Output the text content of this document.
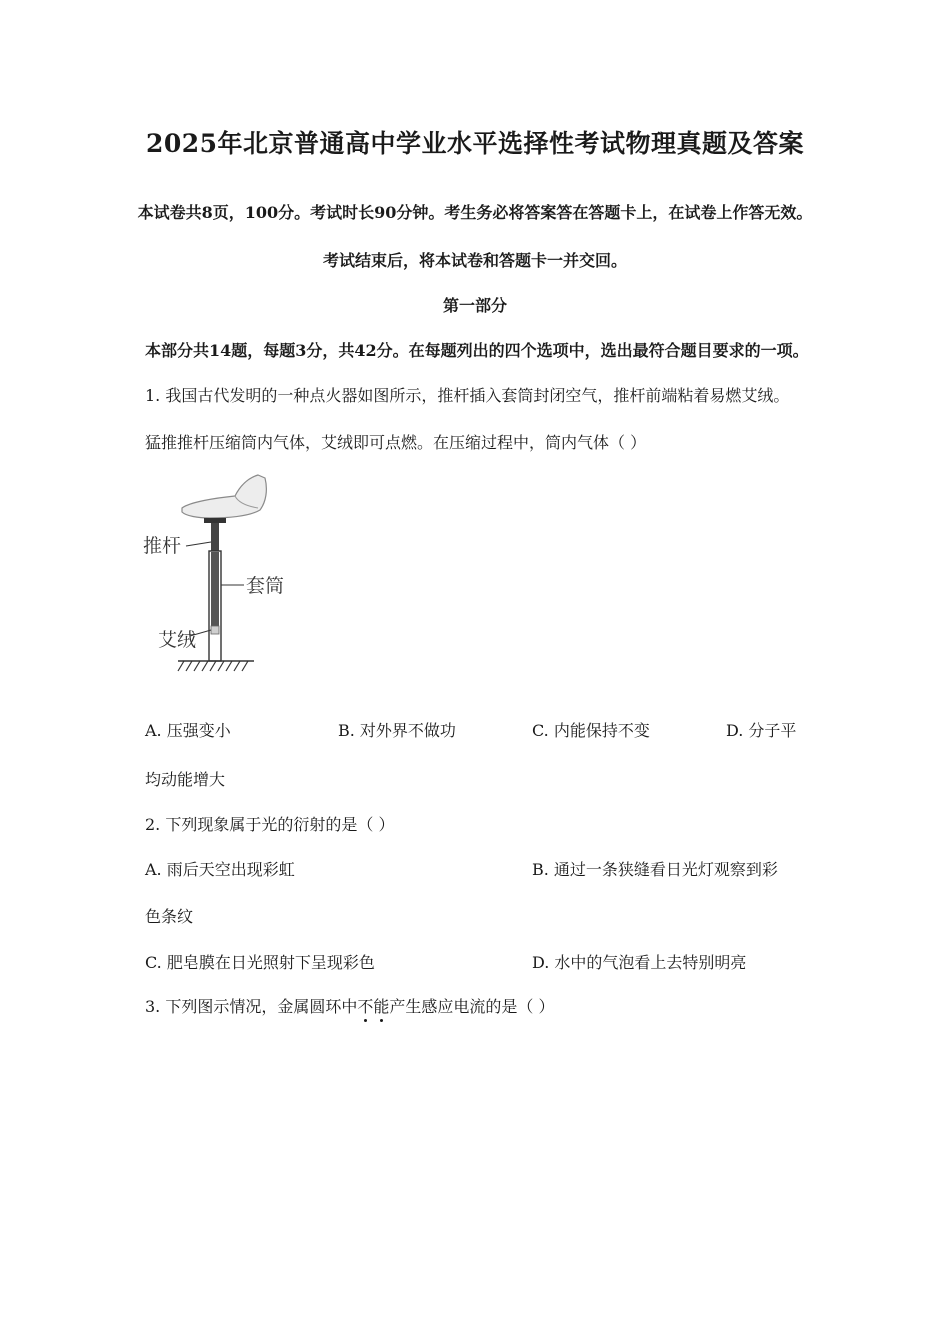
2025年北京普通高中学业水平选择性考试物理真题及答案
本试卷共8页，100分。考试时长90分钟。考生务必将答案答在答题卡上，在试卷上作答无效。
考试结束后，将本试卷和答题卡一并交回。
第一部分
本部分共14题，每题3分，共42分。在每题列出的四个选项中，选出最符合题目要求的一项。
1. 我国古代发明的一种点火器如图所示，推杆插入套筒封闭空气，推杆前端粘着易燃艾绒。
猛推推杆压缩筒内气体，艾绒即可点燃。在压缩过程中，筒内气体（ ）
推杆
套筒
艾绒
A. 压强变小	B. 对外界不做功	C. 内能保持不变	D. 分子平
均动能增大
2. 下列现象属于光的衍射的是（ ）
A. 雨后天空出现彩虹	B. 通过一条狭缝看日光灯观察到彩
色条纹
C. 肥皂膜在日光照射下呈现彩色	D. 水中的气泡看上去特别明亮
3. 下列图示情况，金属圆环中不能产生感应电流的是（ ）
